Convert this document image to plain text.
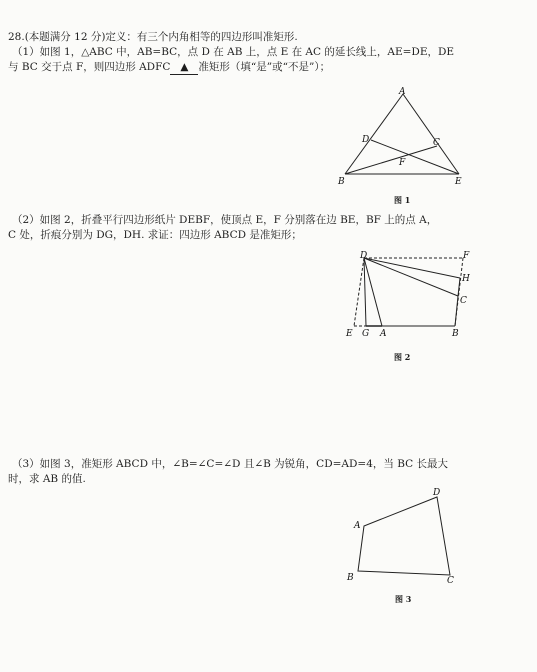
28.(本题满分 12 分)定义：有三个内角相等的四边形叫准矩形.
（1）如图 1，△ABC 中，AB=BC，点 D 在 AB 上，点 E 在 AC 的延长线上，AE=DE，DE
与 BC 交于点 F，则四边形 ADFC ▲ 准矩形（填“是”或“不是”）；
A
B
C
D
E
F
图 1
（2）如图 2，折叠平行四边形纸片 DEBF，使顶点 E，F 分别落在边 BE，BF 上的点 A，
C 处，折痕分别为 DG，DH. 求证：四边形 ABCD 是准矩形；
D	F
H
C
E G A	B
图 2
（3）如图 3，准矩形 ABCD 中，∠B=∠C=∠D 且∠B 为锐角，CD=AD=4，当 BC 长最大
时，求 AB 的值.
A
B	C
D
图 3
